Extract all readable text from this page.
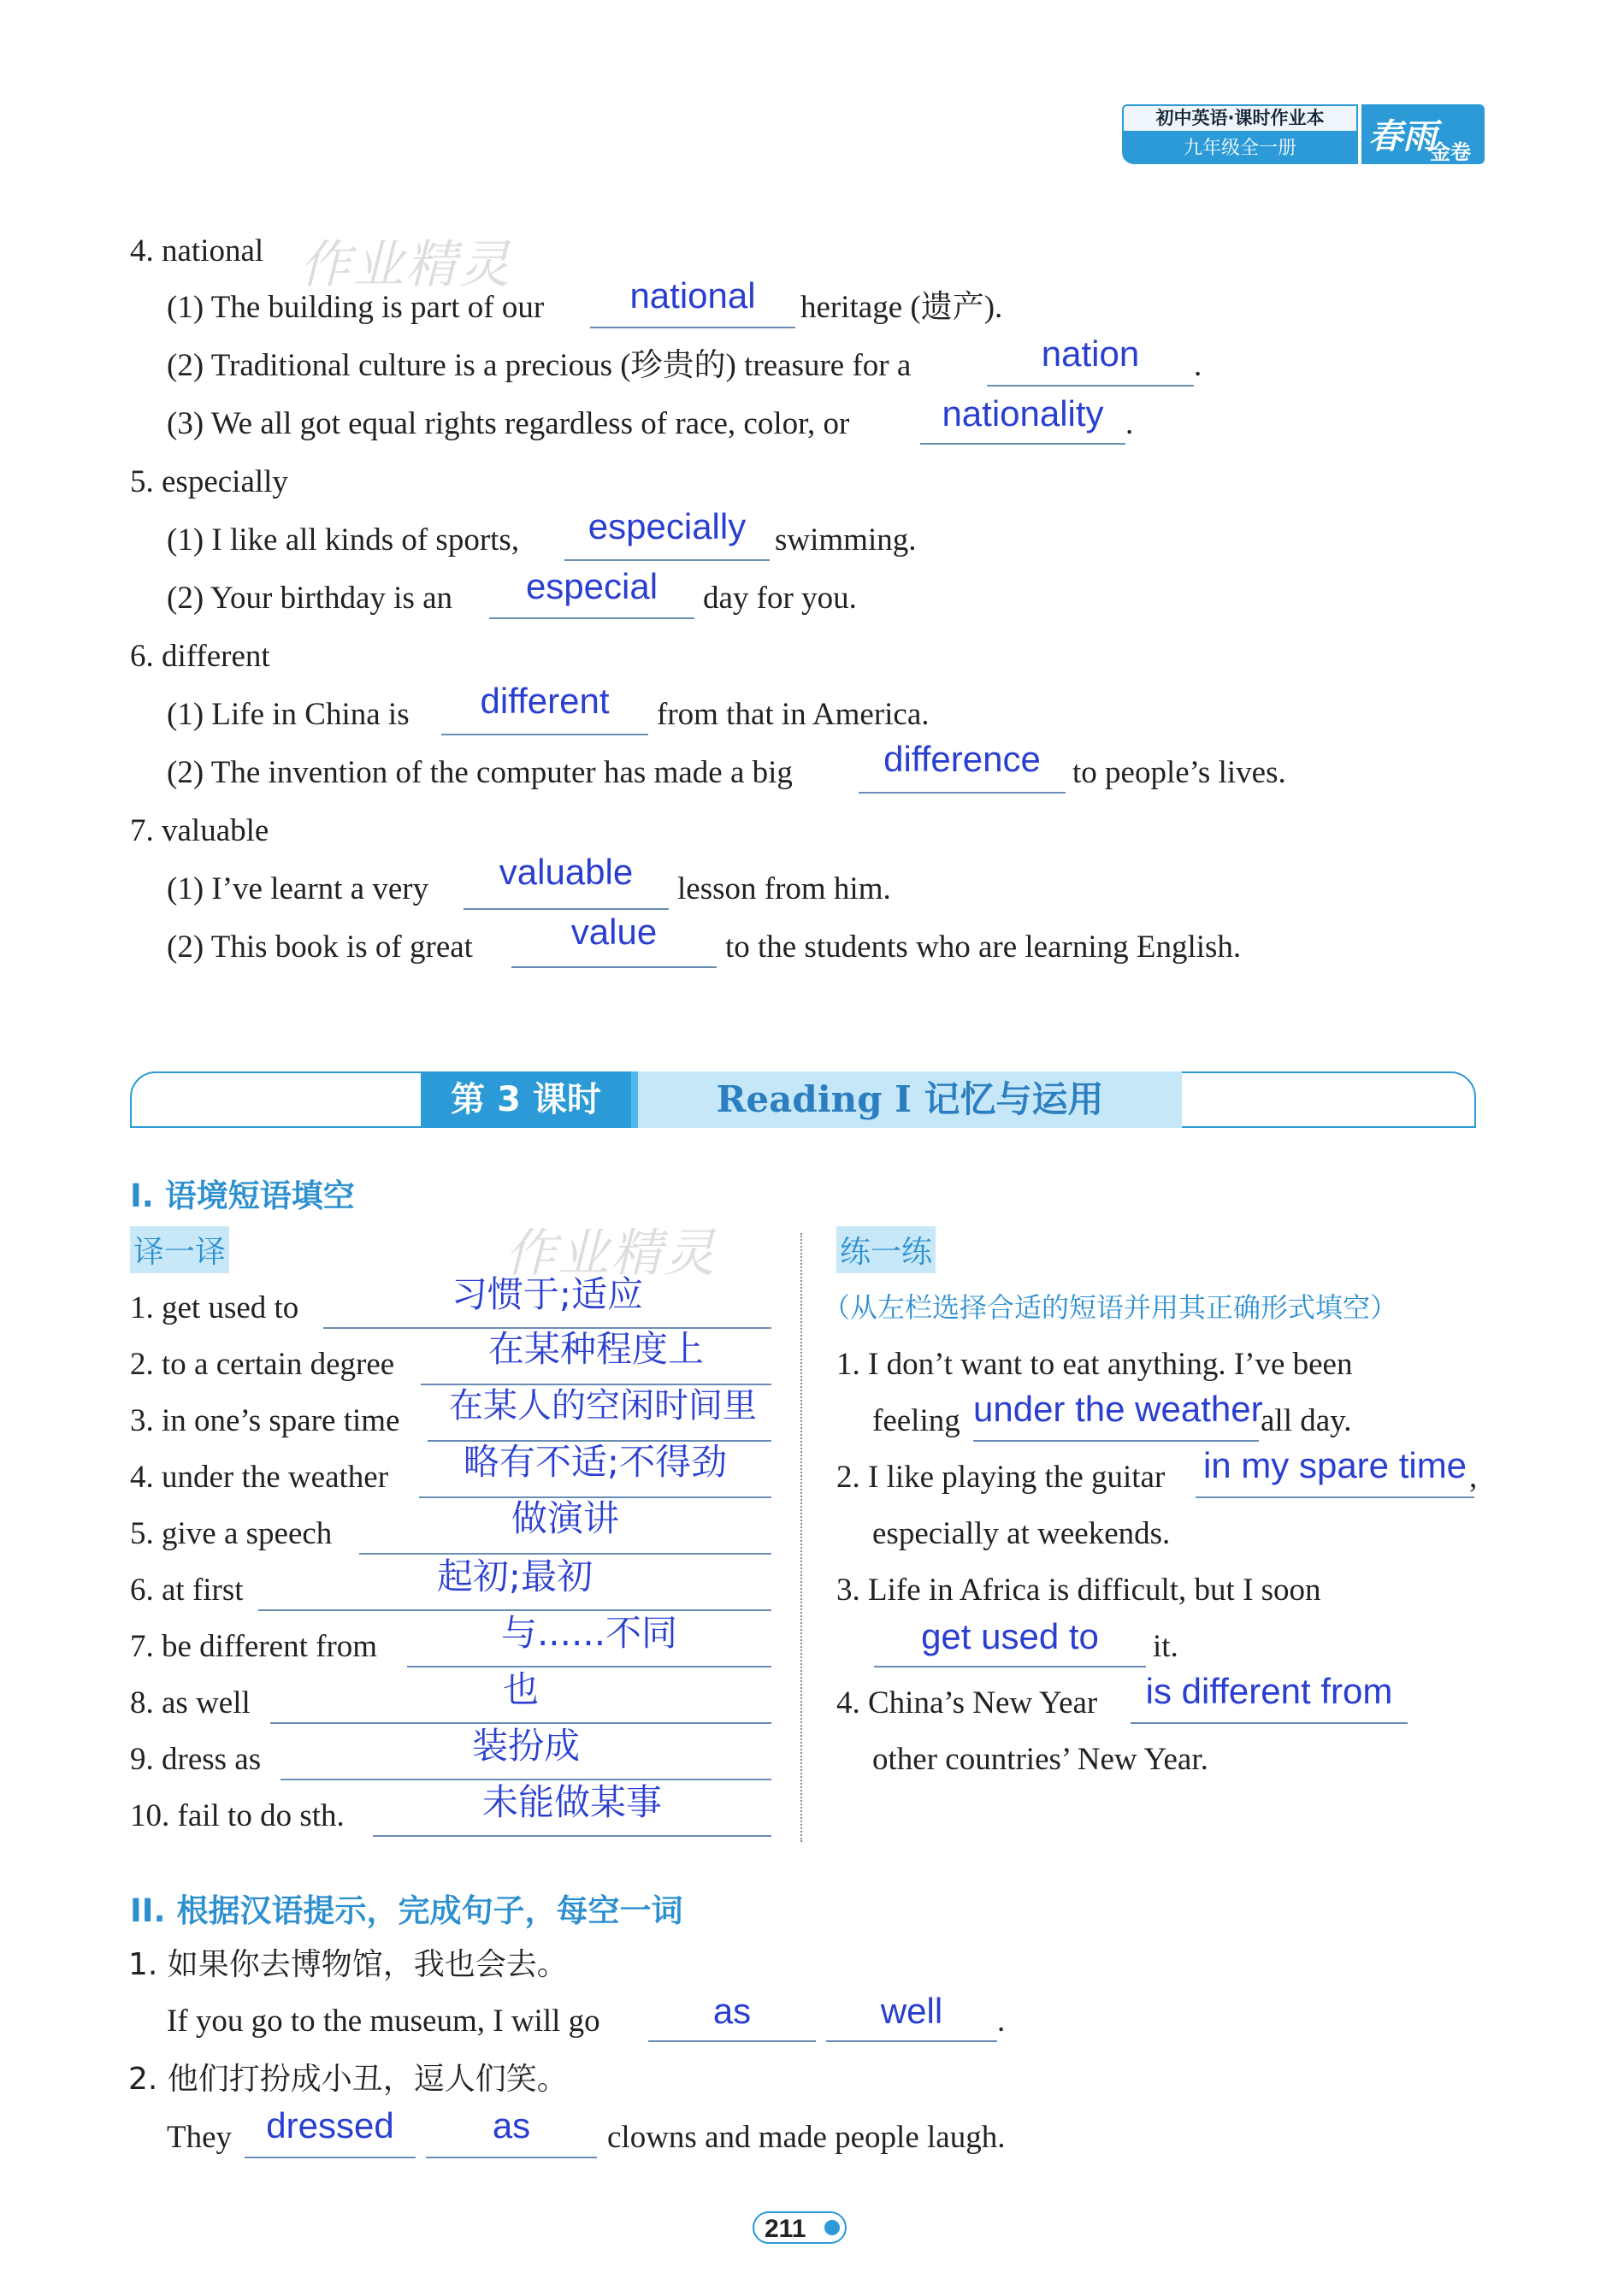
初中英语·课时作业本
九年级全一册	春雨
金卷
作业精灵
作业精灵
4. national
(1) The building is part of our	national	heritage (遗产).
(2) Traditional culture is a precious (珍贵的) treasure for a	nation	.
(3) We all got equal rights regardless of race, color, or	nationality .
5. especially
(1) I like all kinds of sports,	especially swimming.
(2) Your birthday is an	especial	day for you.
6. different
(1) Life in China is	different	from that in America.
(2) The invention of the computer has made a big	difference	to people’s lives.
7. valuable
(1) I’ve learnt a very	valuable	lesson from him.
(2) This book is of great	value	to the students who are learning English.
第 3 课时	Reading I 记忆与运用
I. 语境短语填空
译一译	练一练
（从左栏选择合适的短语并用其正确形式填空）
1. get used to	习惯于;适应
2. to a certain degree	在某种程度上
3. in one’s spare time	在某人的空闲时间里
4. under the weather	略有不适;不得劲
5. give a speech	做演讲
6. at first	起初;最初
7. be different from	与......不同
8. as well	也
9. dress as	装扮成
10. fail to do sth.	未能做某事
1. I don’t want to eat anything. I’ve been
feeling under the weather
all day.
2. I like playing the guitar in my spare time ,
especially at weekends.
3. Life in Africa is difficult, but I soon
get used to	it.
4. China’s New Year	is different from
other countries’ New Year.
II. 根据汉语提示，完成句子，每空一词
1. 如果你去博物馆，我也会去。
If you go to the museum, I will go	as	well	.
2. 他们打扮成小丑，逗人们笑。
They dressed	as	clowns and made people laugh.
211
